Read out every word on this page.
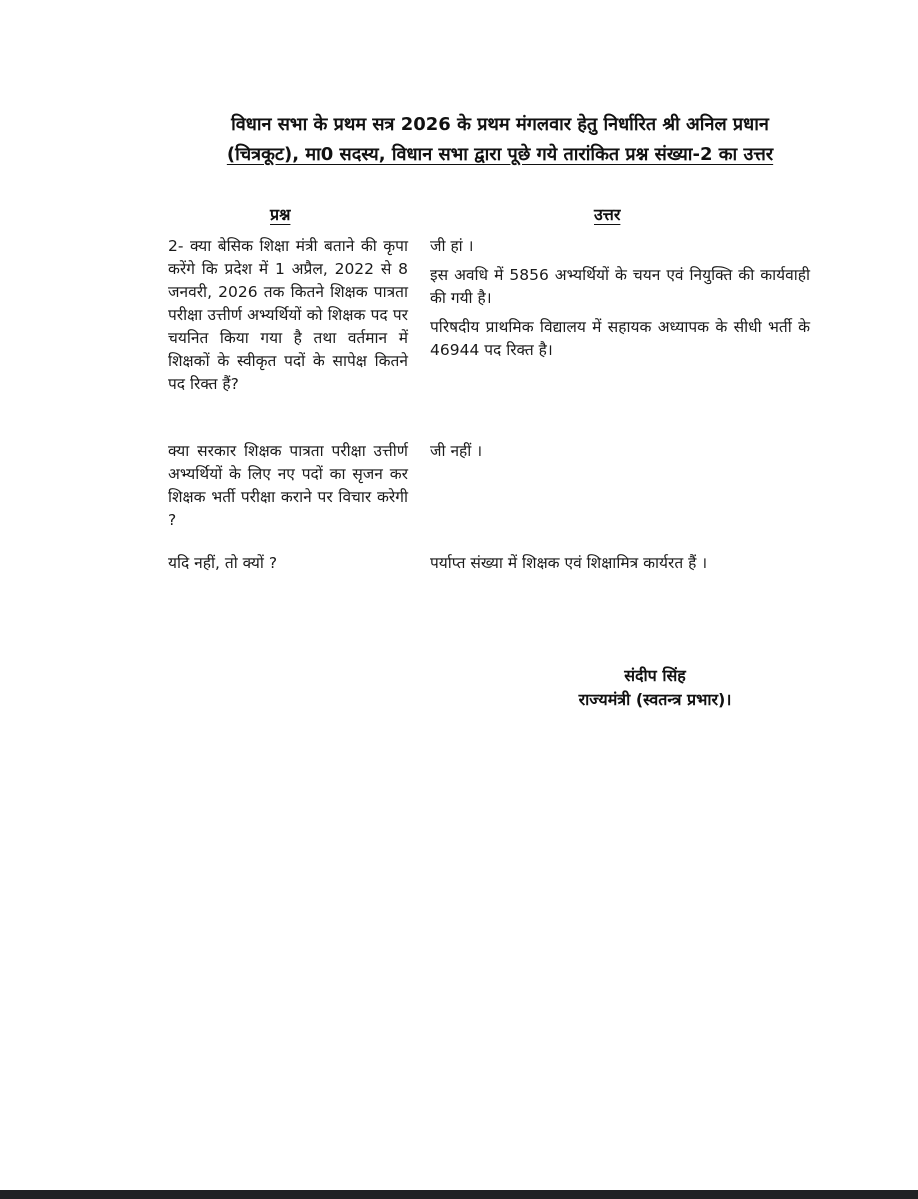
विधान सभा के प्रथम सत्र 2026 के प्रथम मंगलवार हेतु निर्धारित श्री अनिल प्रधान
(चित्रकूट), मा0 सदस्य, विधान सभा द्वारा पूछे गये तारांकित प्रश्न संख्या-2 का उत्तर
प्रश्न	उत्तर
2- क्या बेसिक शिक्षा मंत्री बताने की कृपा करेंगे कि प्रदेश में 1 अप्रैल, 2022 से 8 जनवरी, 2026 तक कितने शिक्षक पात्रता परीक्षा उत्तीर्ण अभ्यर्थियों को शिक्षक पद पर चयनित किया गया है तथा वर्तमान में शिक्षकों के स्वीकृत पदों के सापेक्ष कितने पद रिक्त हैं?
क्या सरकार शिक्षक पात्रता परीक्षा उत्तीर्ण अभ्यर्थियों के लिए नए पदों का सृजन कर शिक्षक भर्ती परीक्षा कराने पर विचार करेगी ?
यदि नहीं, तो क्यों ?
जी हां ।
इस अवधि में 5856 अभ्यर्थियों के चयन एवं नियुक्ति की कार्यवाही की गयी है।
परिषदीय प्राथमिक विद्यालय में सहायक अध्यापक के सीधी भर्ती के 46944 पद रिक्त है।
जी नहीं ।
पर्याप्त संख्या में शिक्षक एवं शिक्षामित्र कार्यरत हैं ।
संदीप सिंह
राज्यमंत्री (स्वतन्त्र प्रभार)।
